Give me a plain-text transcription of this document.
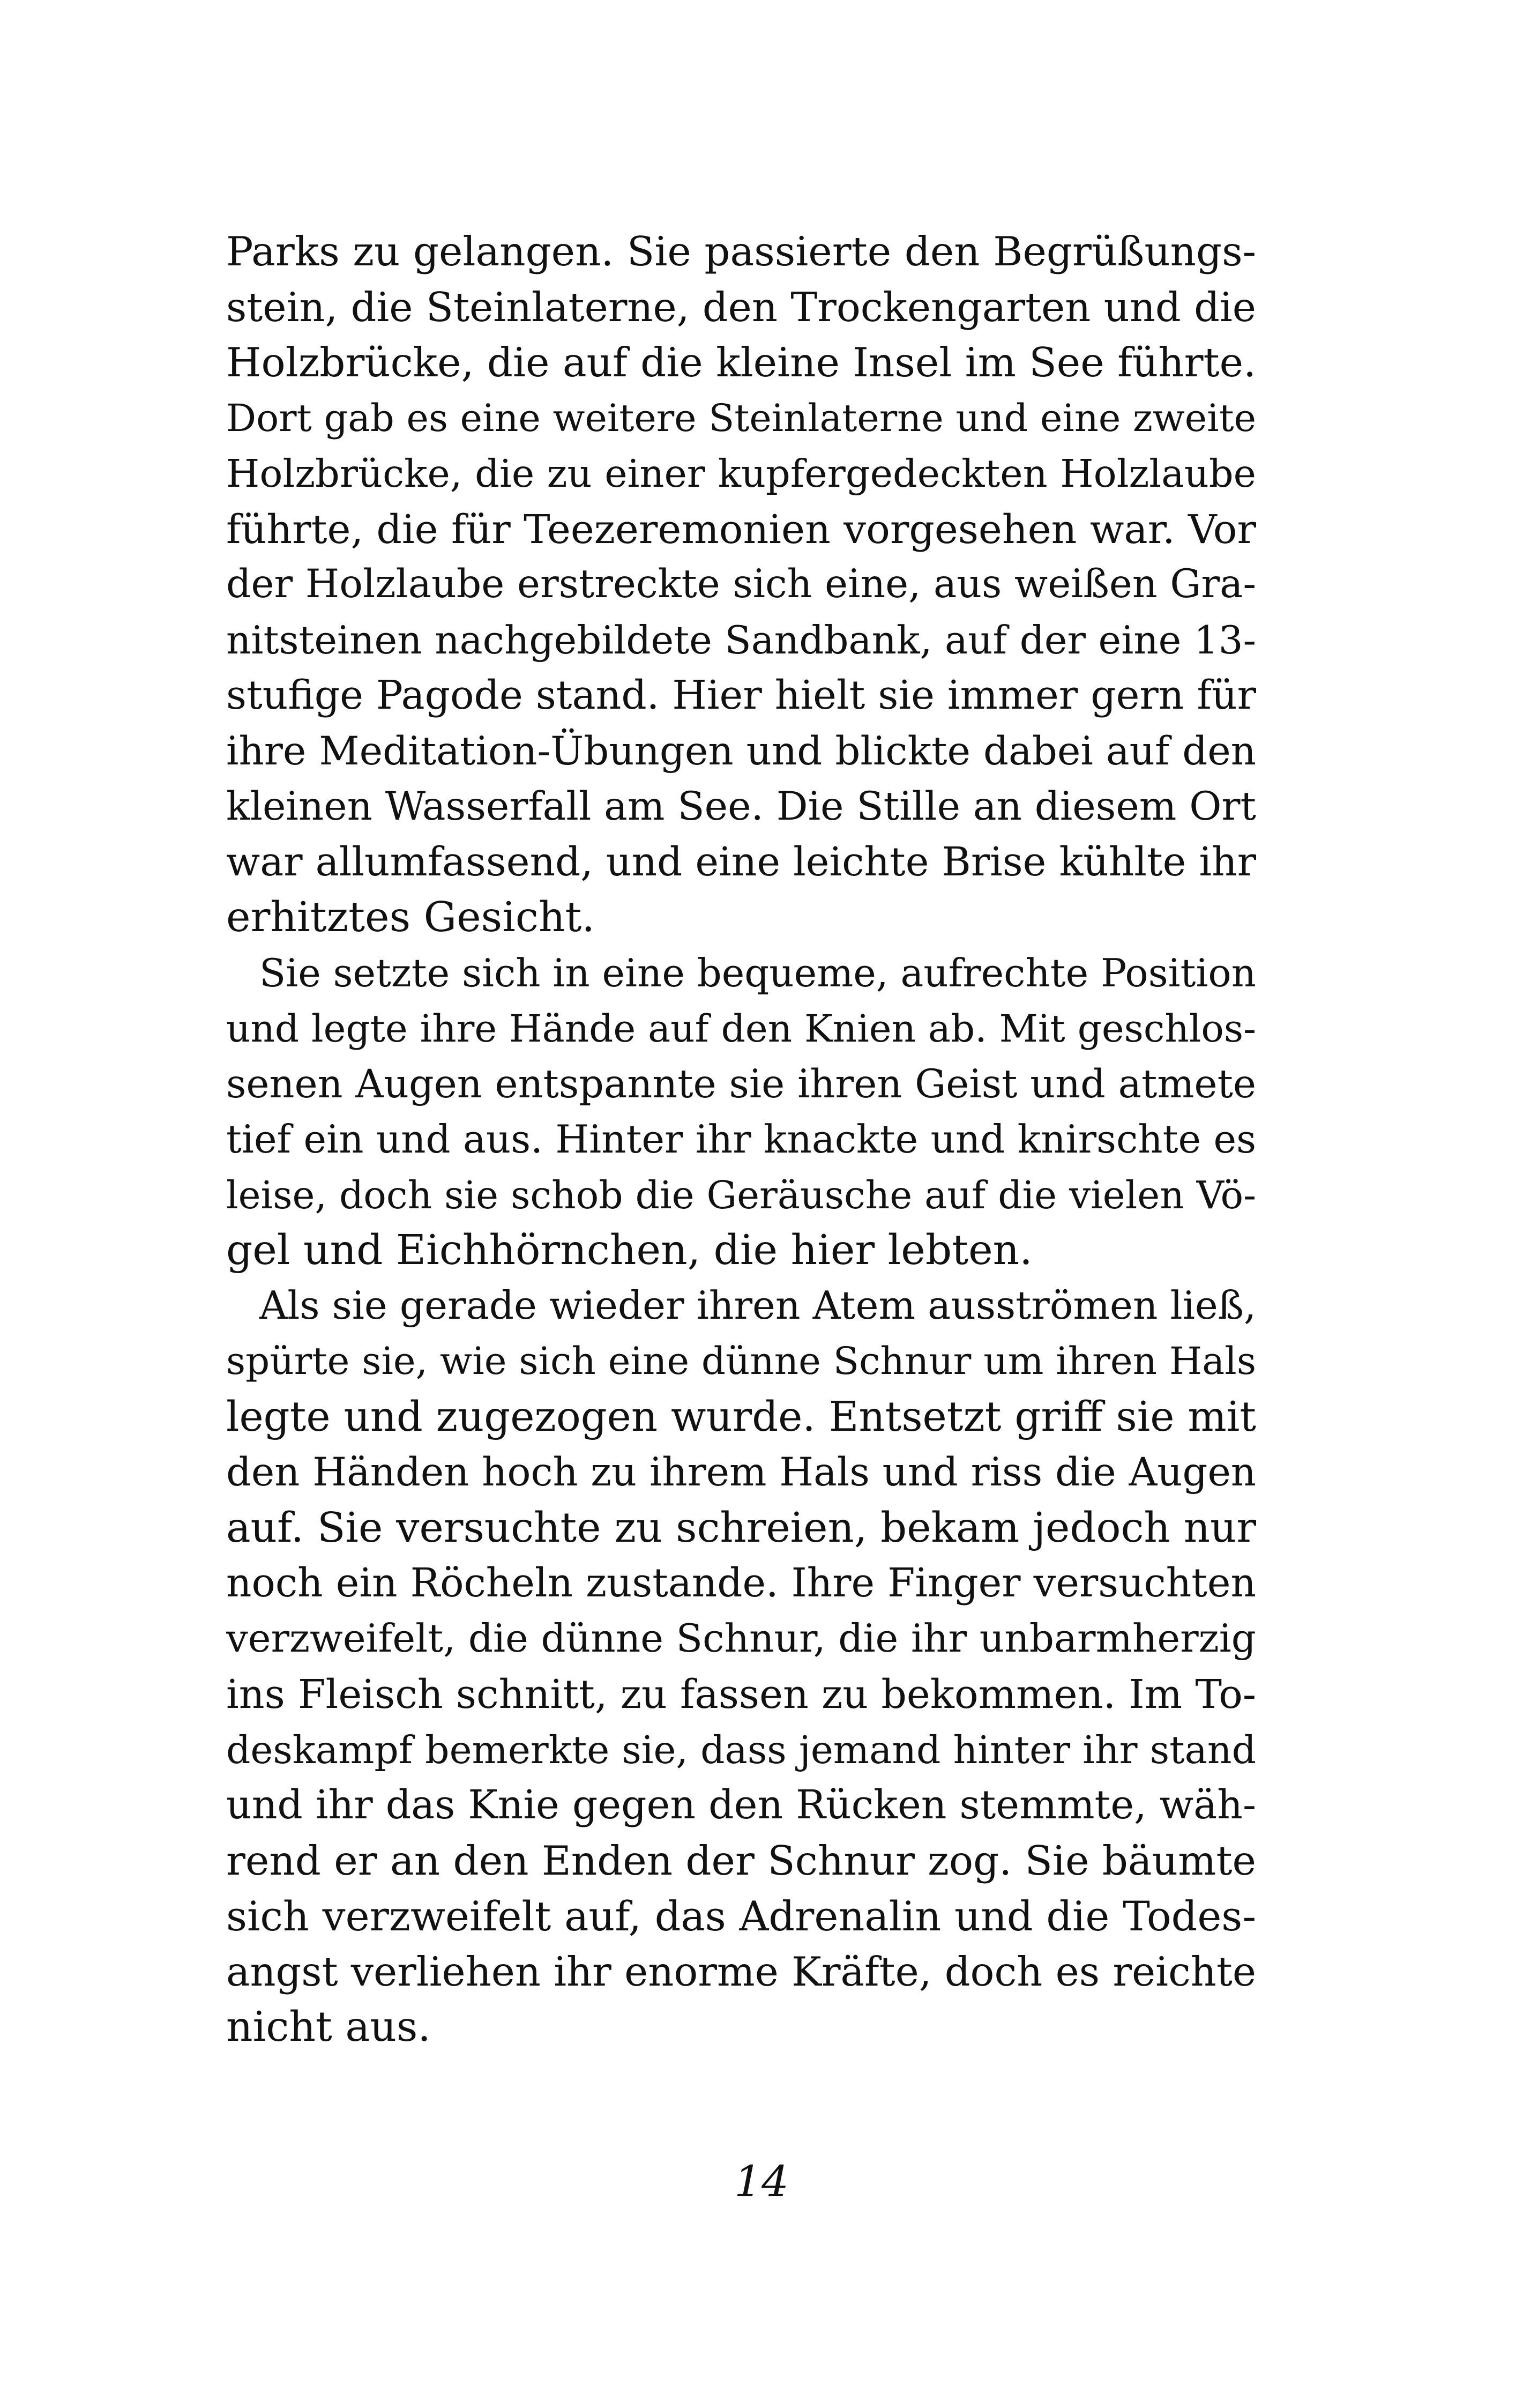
Parks zu gelangen. Sie passierte den Begrüßungs-
stein, die Steinlaterne, den Trockengarten und die
Holzbrücke, die auf die kleine Insel im See führte.
Dort gab es eine weitere Steinlaterne und eine zweite
Holzbrücke, die zu einer kupfergedeckten Holzlaube
führte, die für Teezeremonien vorgesehen war. Vor
der Holzlaube erstreckte sich eine, aus weißen Gra-
nitsteinen nachgebildete Sandbank, auf der eine 13-
stufige Pagode stand. Hier hielt sie immer gern für
ihre Meditation-Übungen und blickte dabei auf den
kleinen Wasserfall am See. Die Stille an diesem Ort
war allumfassend, und eine leichte Brise kühlte ihr
erhitztes Gesicht.
Sie setzte sich in eine bequeme, aufrechte Position
und legte ihre Hände auf den Knien ab. Mit geschlos-
senen Augen entspannte sie ihren Geist und atmete
tief ein und aus. Hinter ihr knackte und knirschte es
leise, doch sie schob die Geräusche auf die vielen Vö-
gel und Eichhörnchen, die hier lebten.
Als sie gerade wieder ihren Atem ausströmen ließ,
spürte sie, wie sich eine dünne Schnur um ihren Hals
legte und zugezogen wurde. Entsetzt griff sie mit
den Händen hoch zu ihrem Hals und riss die Augen
auf. Sie versuchte zu schreien, bekam jedoch nur
noch ein Röcheln zustande. Ihre Finger versuchten
verzweifelt, die dünne Schnur, die ihr unbarmherzig
ins Fleisch schnitt, zu fassen zu bekommen. Im To-
deskampf bemerkte sie, dass jemand hinter ihr stand
und ihr das Knie gegen den Rücken stemmte, wäh-
rend er an den Enden der Schnur zog. Sie bäumte
sich verzweifelt auf, das Adrenalin und die Todes-
angst verliehen ihr enorme Kräfte, doch es reichte
nicht aus.
14
